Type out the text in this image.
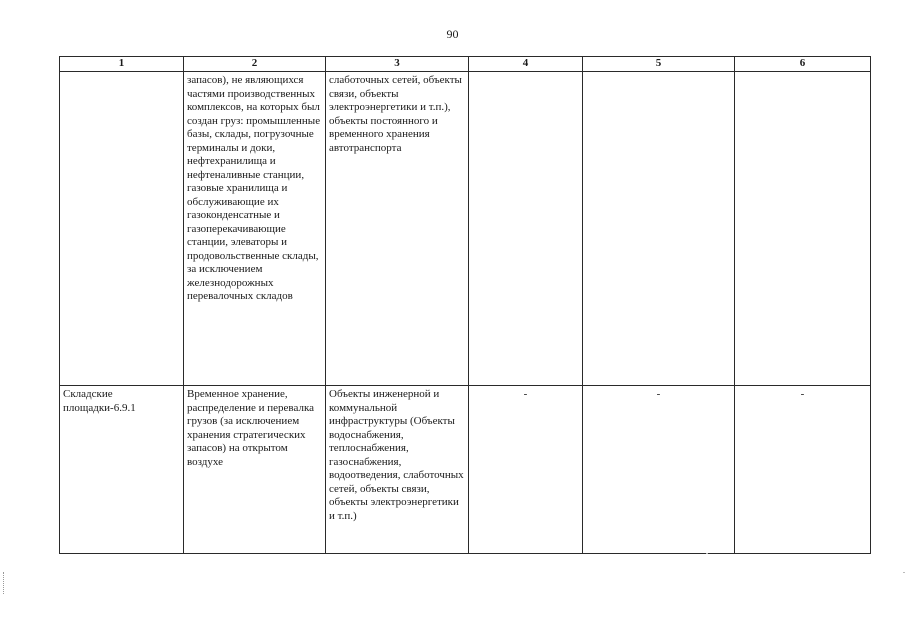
90
1	2	3	4	5	6
	запасов), не являющихся частями производственных комплексов, на которых был создан груз: промышленные базы, склады, погрузочные терминалы и доки, нефтехранилища и нефтеналивные станции, газовые хранилища и обслуживающие их газоконденсатные и газоперекачивающие станции, элеваторы и продовольственные склады, за исключением железнодорожных перевалочных складов	слаботочных сетей, объекты связи, объекты электроэнергетики и т.п.), объекты постоянного и временного хранения автотранспорта			
Складские площадки-6.9.1	Временное хранение, распределение и перевалка грузов (за исключением хранения стратегических запасов) на открытом воздухе	Объекты инженерной и коммунальной инфраструктуры (Объекты водоснабжения, теплоснабжения, газоснабжения, водоотведения, слаботочных сетей, объекты связи, объекты электроэнергетики и т.п.)	-	-	-
